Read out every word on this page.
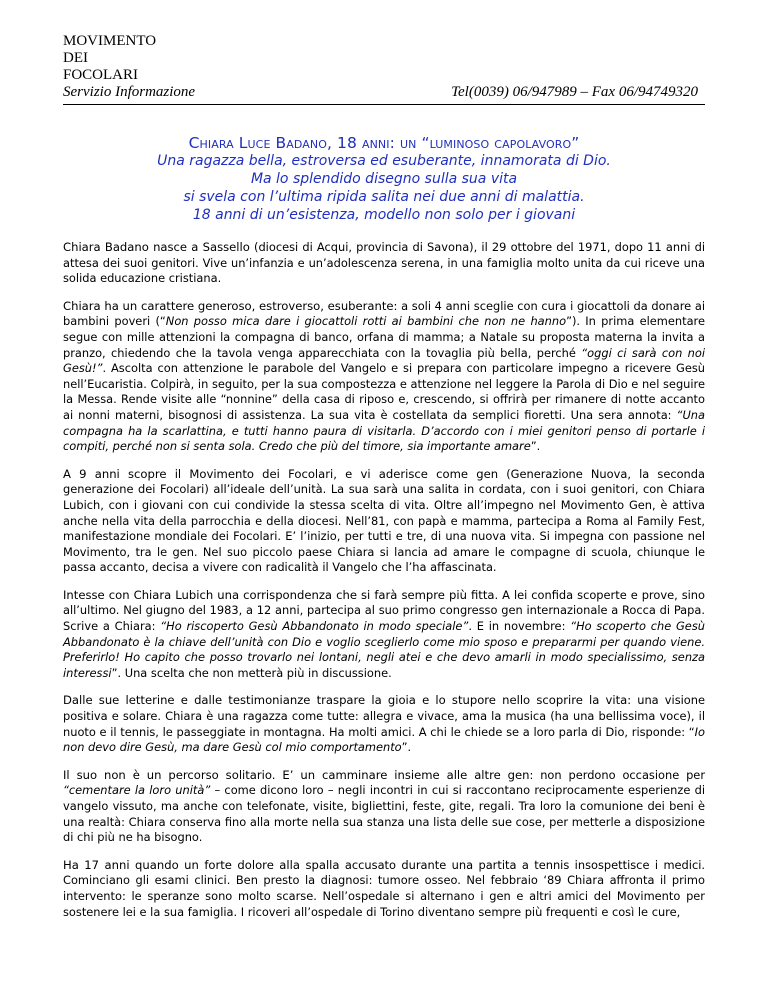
MOVIMENTO
DEI
FOCOLARI
Servizio Informazione	Tel(0039) 06/947989 – Fax 06/94749320
Chiara Luce Badano, 18 anni: un “luminoso capolavoro”
Una ragazza bella, estroversa ed esuberante, innamorata di Dio.
Ma lo splendido disegno sulla sua vita
si svela con l’ultima ripida salita nei due anni di malattia.
18 anni di un’esistenza, modello non solo per i giovani

Chiara Badano nasce a Sassello (diocesi di Acqui, provincia di Savona), il 29 ottobre del 1971, dopo 11 anni di attesa dei suoi genitori. Vive un’infanzia e un’adolescenza serena, in una famiglia molto unita da cui riceve una solida educazione cristiana.

Chiara ha un carattere generoso, estroverso, esuberante: a soli 4 anni sceglie con cura i giocattoli da donare ai bambini poveri (“Non posso mica dare i giocattoli rotti ai bambini che non ne hanno”). In prima elementare segue con mille attenzioni la compagna di banco, orfana di mamma; a Natale su proposta materna la invita a pranzo, chiedendo che la tavola venga apparecchiata con la tovaglia più bella, perché “oggi ci sarà con noi Gesù!”. Ascolta con attenzione le parabole del Vangelo e si prepara con particolare impegno a ricevere Gesù nell’Eucaristia. Colpirà, in seguito, per la sua compostezza e attenzione nel leggere la Parola di Dio e nel seguire la Messa. Rende visite alle “nonnine” della casa di riposo e, crescendo, si offrirà per rimanere di notte accanto ai nonni materni, bisognosi di assistenza. La sua vita è costellata da semplici fioretti. Una sera annota: “Una compagna ha la scarlattina, e tutti hanno paura di visitarla. D’accordo con i miei genitori penso di portarle i compiti, perché non si senta sola. Credo che più del timore, sia importante amare”.

A 9 anni scopre il Movimento dei Focolari, e vi aderisce come gen (Generazione Nuova, la seconda generazione dei Focolari) all’ideale dell’unità. La sua sarà una salita in cordata, con i suoi genitori, con Chiara Lubich, con i giovani con cui condivide la stessa scelta di vita. Oltre all’impegno nel Movimento Gen, è attiva anche nella vita della parrocchia e della diocesi. Nell’81, con papà e mamma, partecipa a Roma al Family Fest, manifestazione mondiale dei Focolari. E’ l’inizio, per tutti e tre, di una nuova vita. Si impegna con passione nel Movimento, tra le gen. Nel suo piccolo paese Chiara si lancia ad amare le compagne di scuola, chiunque le passa accanto, decisa a vivere con radicalità il Vangelo che l’ha affascinata.

Intesse con Chiara Lubich una corrispondenza che si farà sempre più fitta. A lei confida scoperte e prove, sino all’ultimo. Nel giugno del 1983, a 12 anni, partecipa al suo primo congresso gen internazionale a Rocca di Papa. Scrive a Chiara: “Ho riscoperto Gesù Abbandonato in modo speciale”. E in novembre: “Ho scoperto che Gesù Abbandonato è la chiave dell’unità con Dio e voglio sceglierlo come mio sposo e prepararmi per quando viene. Preferirlo! Ho capito che posso trovarlo nei lontani, negli atei e che devo amarli in modo specialissimo, senza interessi”. Una scelta che non metterà più in discussione.

Dalle sue letterine e dalle testimonianze traspare la gioia e lo stupore nello scoprire la vita: una visione positiva e solare. Chiara è una ragazza come tutte: allegra e vivace, ama la musica (ha una bellissima voce), il nuoto e il tennis, le passeggiate in montagna. Ha molti amici. A chi le chiede se a loro parla di Dio, risponde: “Io non devo dire Gesù, ma dare Gesù col mio comportamento”.

Il suo non è un percorso solitario. E’ un camminare insieme alle altre gen: non perdono occasione per “cementare la loro unità” – come dicono loro – negli incontri in cui si raccontano reciprocamente esperienze di vangelo vissuto, ma anche con telefonate, visite, bigliettini, feste, gite, regali. Tra loro la comunione dei beni è una realtà: Chiara conserva fino alla morte nella sua stanza una lista delle sue cose, per metterle a disposizione di chi più ne ha bisogno.

Ha 17 anni quando un forte dolore alla spalla accusato durante una partita a tennis insospettisce i medici. Cominciano gli esami clinici. Ben presto la diagnosi: tumore osseo. Nel febbraio ‘89 Chiara affronta il primo intervento: le speranze sono molto scarse. Nell’ospedale si alternano i gen e altri amici del Movimento per sostenere lei e la sua famiglia. I ricoveri all’ospedale di Torino diventano sempre più frequenti e così le cure,
